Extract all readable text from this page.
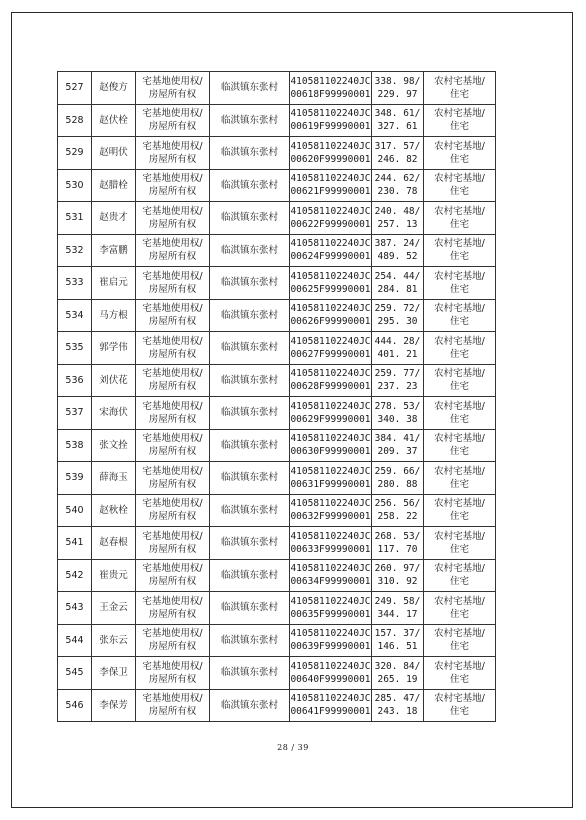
527	赵俊方	宅基地使用权/
房屋所有权	临淇镇东张村	410581102240JC
00618F99990001	338. 98/
229. 97	农村宅基地/
住宅

528	赵伏栓	宅基地使用权/
房屋所有权	临淇镇东张村	410581102240JC
00619F99990001	348. 61/
327. 61	农村宅基地/
住宅

529	赵明伏	宅基地使用权/
房屋所有权	临淇镇东张村	410581102240JC
00620F99990001	317. 57/
246. 82	农村宅基地/
住宅

530	赵腊栓	宅基地使用权/
房屋所有权	临淇镇东张村	410581102240JC
00621F99990001	244. 62/
230. 78	农村宅基地/
住宅

531	赵贵才	宅基地使用权/
房屋所有权	临淇镇东张村	410581102240JC
00622F99990001	240. 48/
257. 13	农村宅基地/
住宅

532	李富鹏	宅基地使用权/
房屋所有权	临淇镇东张村	410581102240JC
00624F99990001	387. 24/
489. 52	农村宅基地/
住宅

533	崔启元	宅基地使用权/
房屋所有权	临淇镇东张村	410581102240JC
00625F99990001	254. 44/
284. 81	农村宅基地/
住宅

534	马方根	宅基地使用权/
房屋所有权	临淇镇东张村	410581102240JC
00626F99990001	259. 72/
295. 30	农村宅基地/
住宅

535	郭学伟	宅基地使用权/
房屋所有权	临淇镇东张村	410581102240JC
00627F99990001	444. 28/
401. 21	农村宅基地/
住宅

536	刘伏花	宅基地使用权/
房屋所有权	临淇镇东张村	410581102240JC
00628F99990001	259. 77/
237. 23	农村宅基地/
住宅

537	宋海伏	宅基地使用权/
房屋所有权	临淇镇东张村	410581102240JC
00629F99990001	278. 53/
340. 38	农村宅基地/
住宅

538	张文拴	宅基地使用权/
房屋所有权	临淇镇东张村	410581102240JC
00630F99990001	384. 41/
209. 37	农村宅基地/
住宅

539	薛海玉	宅基地使用权/
房屋所有权	临淇镇东张村	410581102240JC
00631F99990001	259. 66/
280. 88	农村宅基地/
住宅

540	赵秋栓	宅基地使用权/
房屋所有权	临淇镇东张村	410581102240JC
00632F99990001	256. 56/
258. 22	农村宅基地/
住宅

541	赵春根	宅基地使用权/
房屋所有权	临淇镇东张村	410581102240JC
00633F99990001	268. 53/
117. 70	农村宅基地/
住宅

542	崔贵元	宅基地使用权/
房屋所有权	临淇镇东张村	410581102240JC
00634F99990001	260. 97/
310. 92	农村宅基地/
住宅

543	王金云	宅基地使用权/
房屋所有权	临淇镇东张村	410581102240JC
00635F99990001	249. 58/
344. 17	农村宅基地/
住宅

544	张东云	宅基地使用权/
房屋所有权	临淇镇东张村	410581102240JC
00639F99990001	157. 37/
146. 51	农村宅基地/
住宅

545	李保卫	宅基地使用权/
房屋所有权	临淇镇东张村	410581102240JC
00640F99990001	320. 84/
265. 19	农村宅基地/
住宅

546	李保芳	宅基地使用权/
房屋所有权	临淇镇东张村	410581102240JC
00641F99990001	285. 47/
243. 18	农村宅基地/
住宅
28 / 39
